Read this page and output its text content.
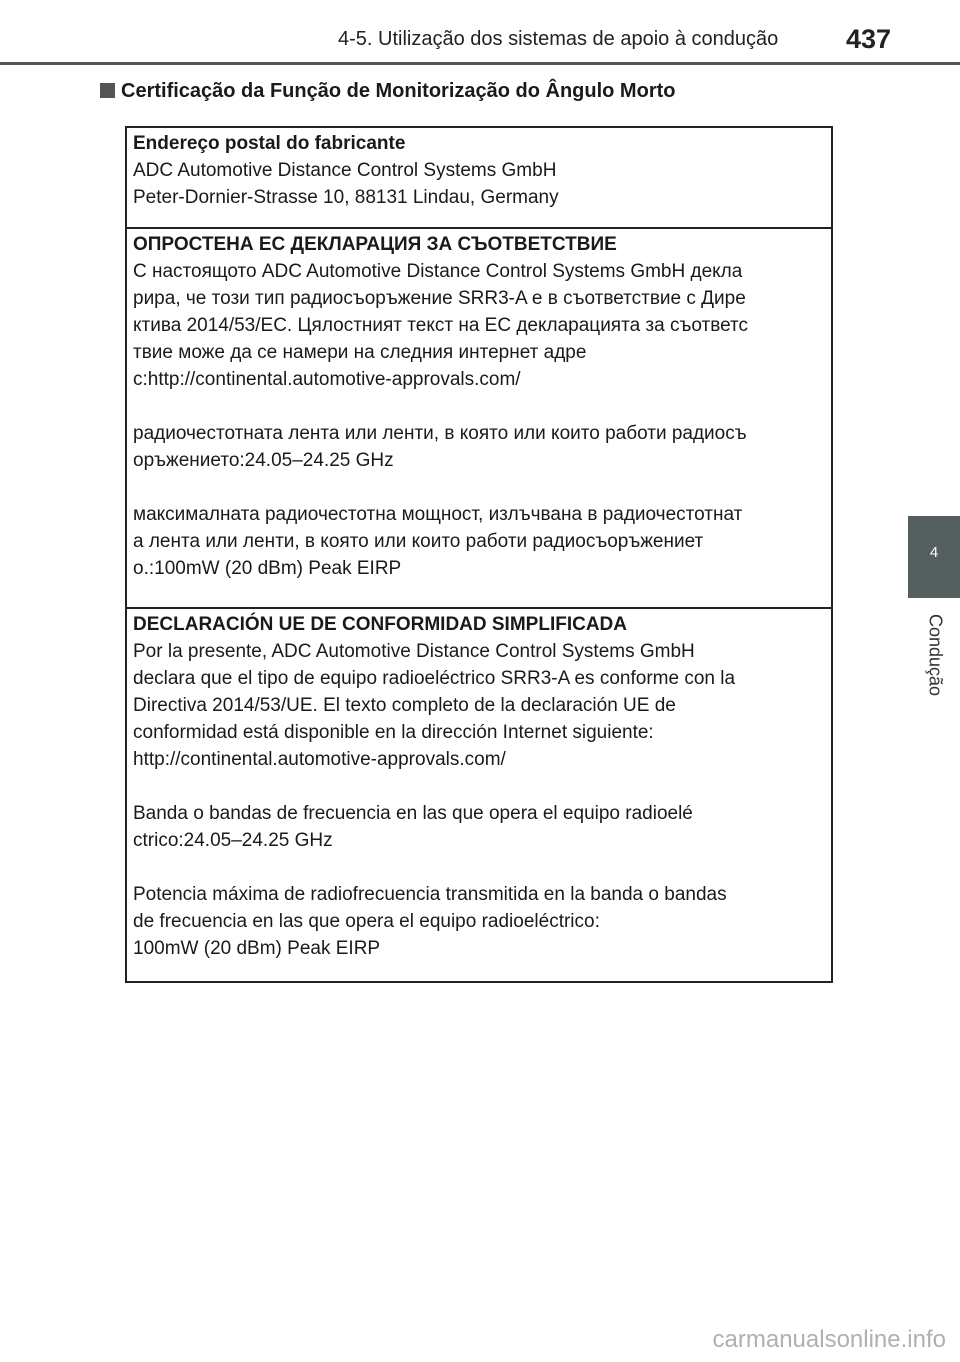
4-5. Utilização dos sistemas de apoio à condução	437
4
Condução
Certificação da Função de Monitorização do Ângulo Morto
Endereço postal do fabricante
ADC Automotive Distance Control Systems GmbH
Peter-Dornier-Strasse 10, 88131 Lindau, Germany
ОПРОСТЕНА ЕС ДЕКЛАРАЦИЯ ЗА СЪОТВЕТСТВИЕ
С настоящото ADC Automotive Distance Control Systems GmbH декла
рира, че този тип радиосъоръжение SRR3-A е в съответствие с Дире
ктива 2014/53/ЕС. Цялостният текст на ЕС декларацията за съответс
твие може да се намери на следния интернет адре
с:http://continental.automotive-approvals.com/
радиочестотната лента или ленти, в която или които работи радиосъ
оръжението:24.05–24.25 GHz
максималната радиочестотна мощност, излъчвана в радиочестотнат
а лента или ленти, в която или които работи радиосъоръжениет
о.:100mW (20 dBm) Peak EIRP
DECLARACIÓN UE DE CONFORMIDAD SIMPLIFICADA
Por la presente, ADC Automotive Distance Control Systems GmbH
declara que el tipo de equipo radioeléctrico SRR3-A es conforme con la
Directiva 2014/53/UE. El texto completo de la declaración UE de
conformidad está disponible en la dirección Internet siguiente:
http://continental.automotive-approvals.com/
Banda o bandas de frecuencia en las que opera el equipo radioelé
ctrico:24.05–24.25 GHz
Potencia máxima de radiofrecuencia transmitida en la banda o bandas
de frecuencia en las que opera el equipo radioeléctrico:
100mW (20 dBm) Peak EIRP
carmanualsonline.info
